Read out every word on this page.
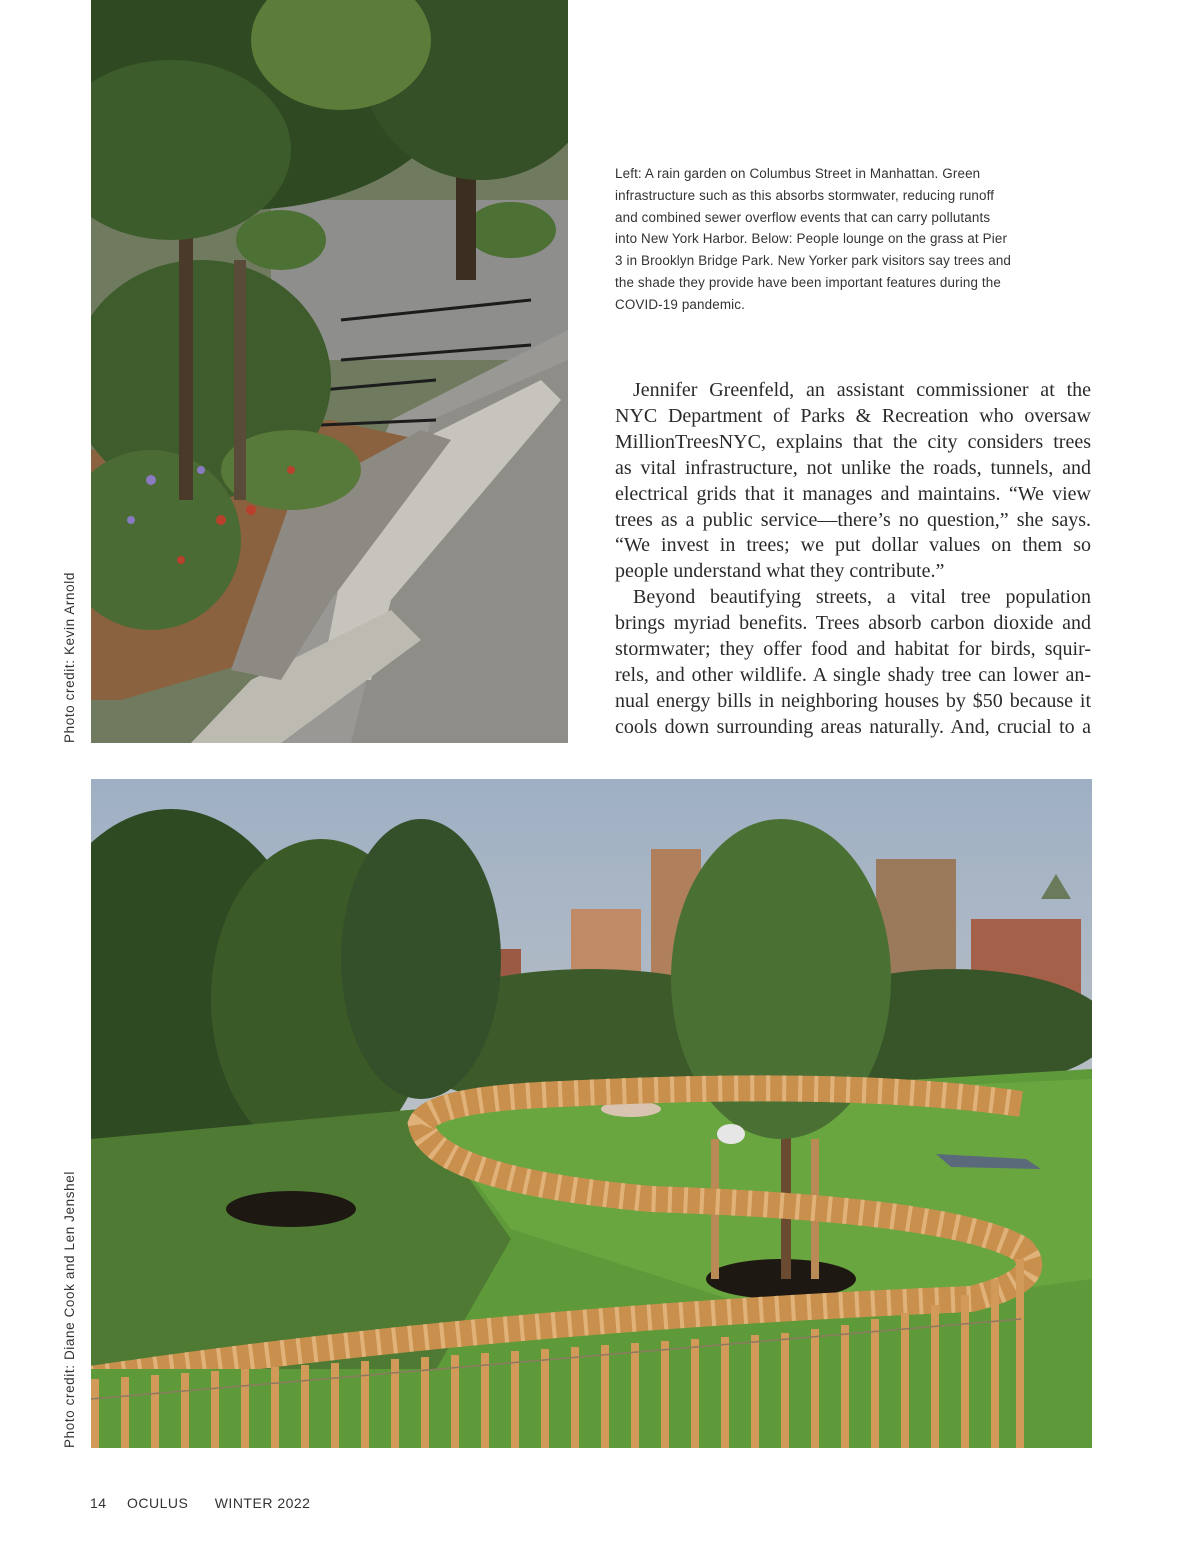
Photo credit: Kevin Arnold
Left: A rain garden on Columbus Street in Manhattan. Green
infrastructure such as this absorbs stormwater, reducing runoff
and combined sewer overflow events that can carry pollutants
into New York Harbor. Below: People lounge on the grass at Pier
3 in Brooklyn Bridge Park. New Yorker park visitors say trees and
the shade they provide have been important features during the
COVID-19 pandemic.
Jennifer Greenfeld, an assistant commissioner at the
NYC Department of Parks & Recreation who oversaw
MillionTreesNYC, explains that the city considers trees
as vital infrastructure, not unlike the roads, tunnels, and
electrical grids that it manages and maintains. “We view
trees as a public service—there’s no question,” she says.
“We invest in trees; we put dollar values on them so
people understand what they contribute.”
Beyond beautifying streets, a vital tree population
brings myriad benefits. Trees absorb carbon dioxide and
stormwater; they offer food and habitat for birds, squir-
rels, and other wildlife. A single shady tree can lower an-
nual energy bills in neighboring houses by $50 because it
cools down surrounding areas naturally. And, crucial to a
Photo credit: Diane Cook and Len Jenshel
14 OCULUS WINTER 2022
